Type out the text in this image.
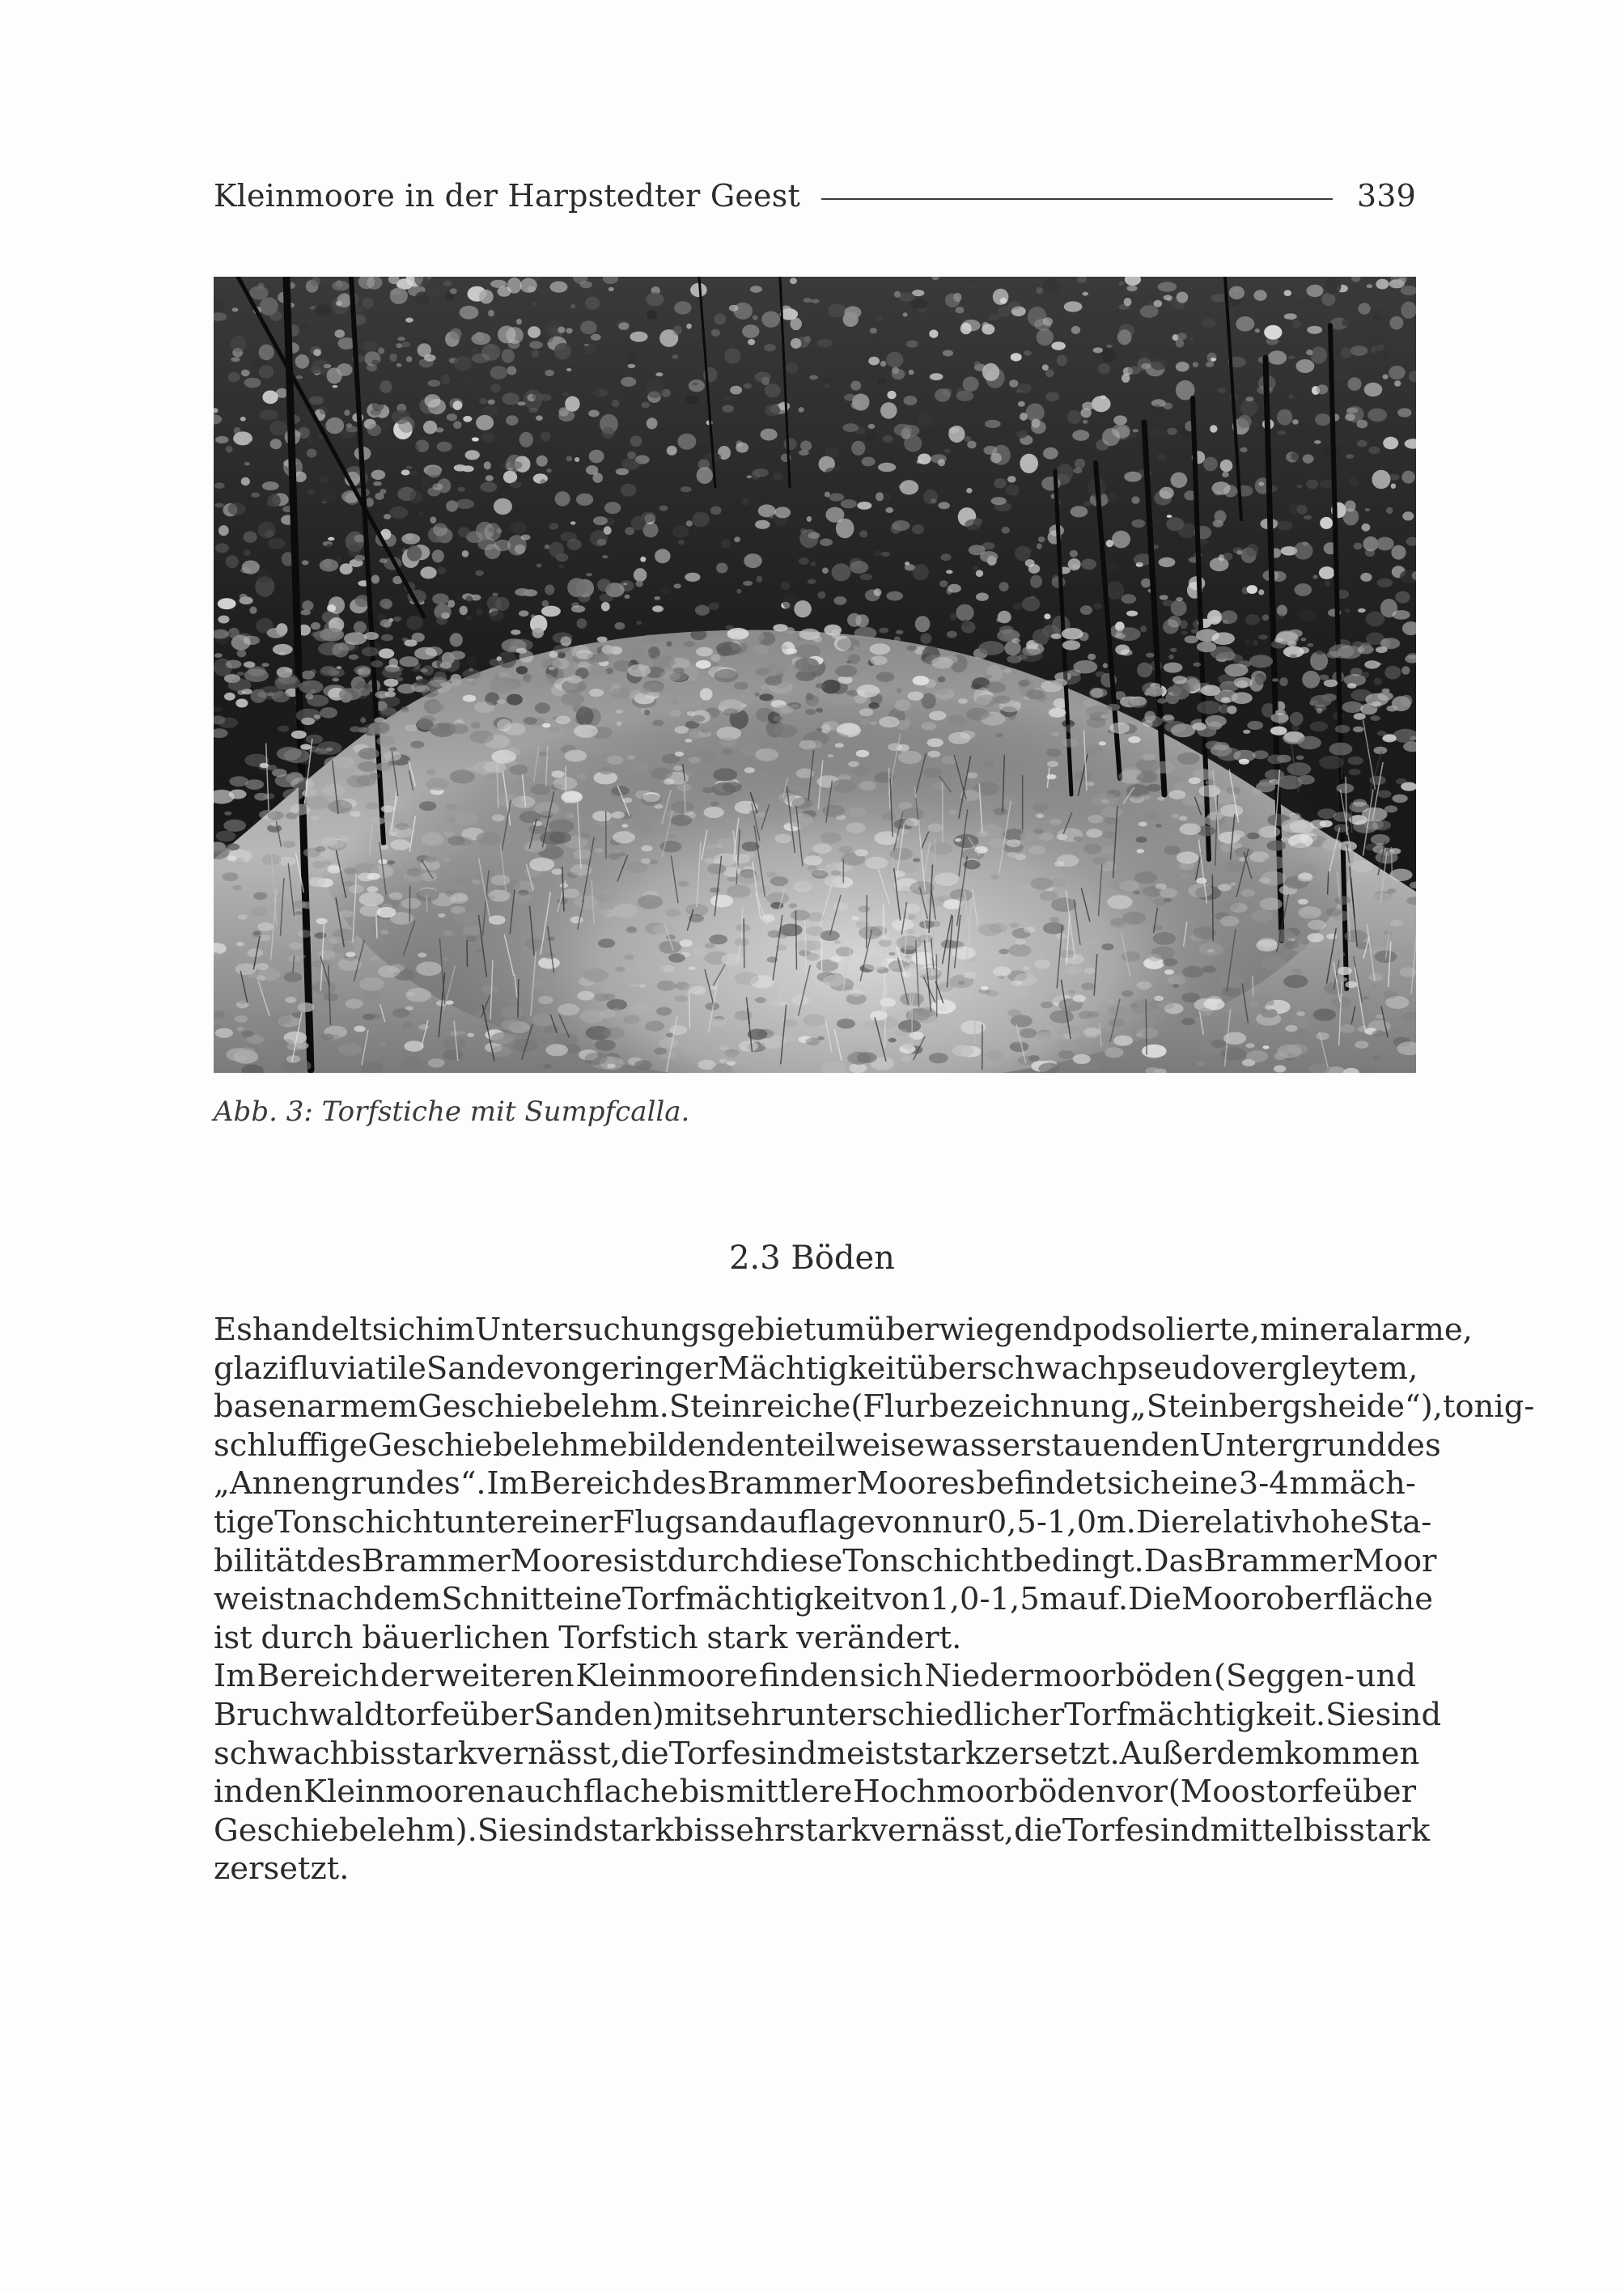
Kleinmoore in der Harpstedter Geest	339
Abb. 3: Torfstiche mit Sumpfcalla.
2.3 Böden
Es handelt sich im Untersuchungsgebiet um überwiegend podsolierte, mineralarme,
glazifluviatile Sande von geringer Mächtigkeit über schwach pseudovergleytem,
basenarmem Geschiebelehm. Steinreiche (Flurbezeichnung „Steinbergsheide“), tonig-
schluffige Geschiebelehme bilden den teilweise wasserstauenden Untergrund des
„Annengrundes“. Im Bereich des Brammer Moores befindet sich eine 3-4 m mäch-
tige Tonschicht unter einer Flugsandauflage von nur 0,5-1,0 m. Die relativ hohe Sta-
bilität des Brammer Moores ist durch diese Tonschicht bedingt. Das Brammer Moor
weist nach dem Schnitt eine Torfmächtigkeit von 1,0-1,5 m auf. Die Mooroberfläche
ist durch bäuerlichen Torfstich stark verändert.
Im Bereich der weiteren Kleinmoore finden sich Niedermoorböden (Seggen- und
Bruchwaldtorfe über Sanden) mit sehr unterschiedlicher Torfmächtigkeit. Sie sind
schwach bis stark vernässt, die Torfe sind meist stark zersetzt. Außerdem kommen
in den Kleinmooren auch flache bis mittlere Hochmoorböden vor (Moostorfe über
Geschiebelehm). Sie sind stark bis sehr stark vernässt, die Torfe sind mittel bis stark
zersetzt.
